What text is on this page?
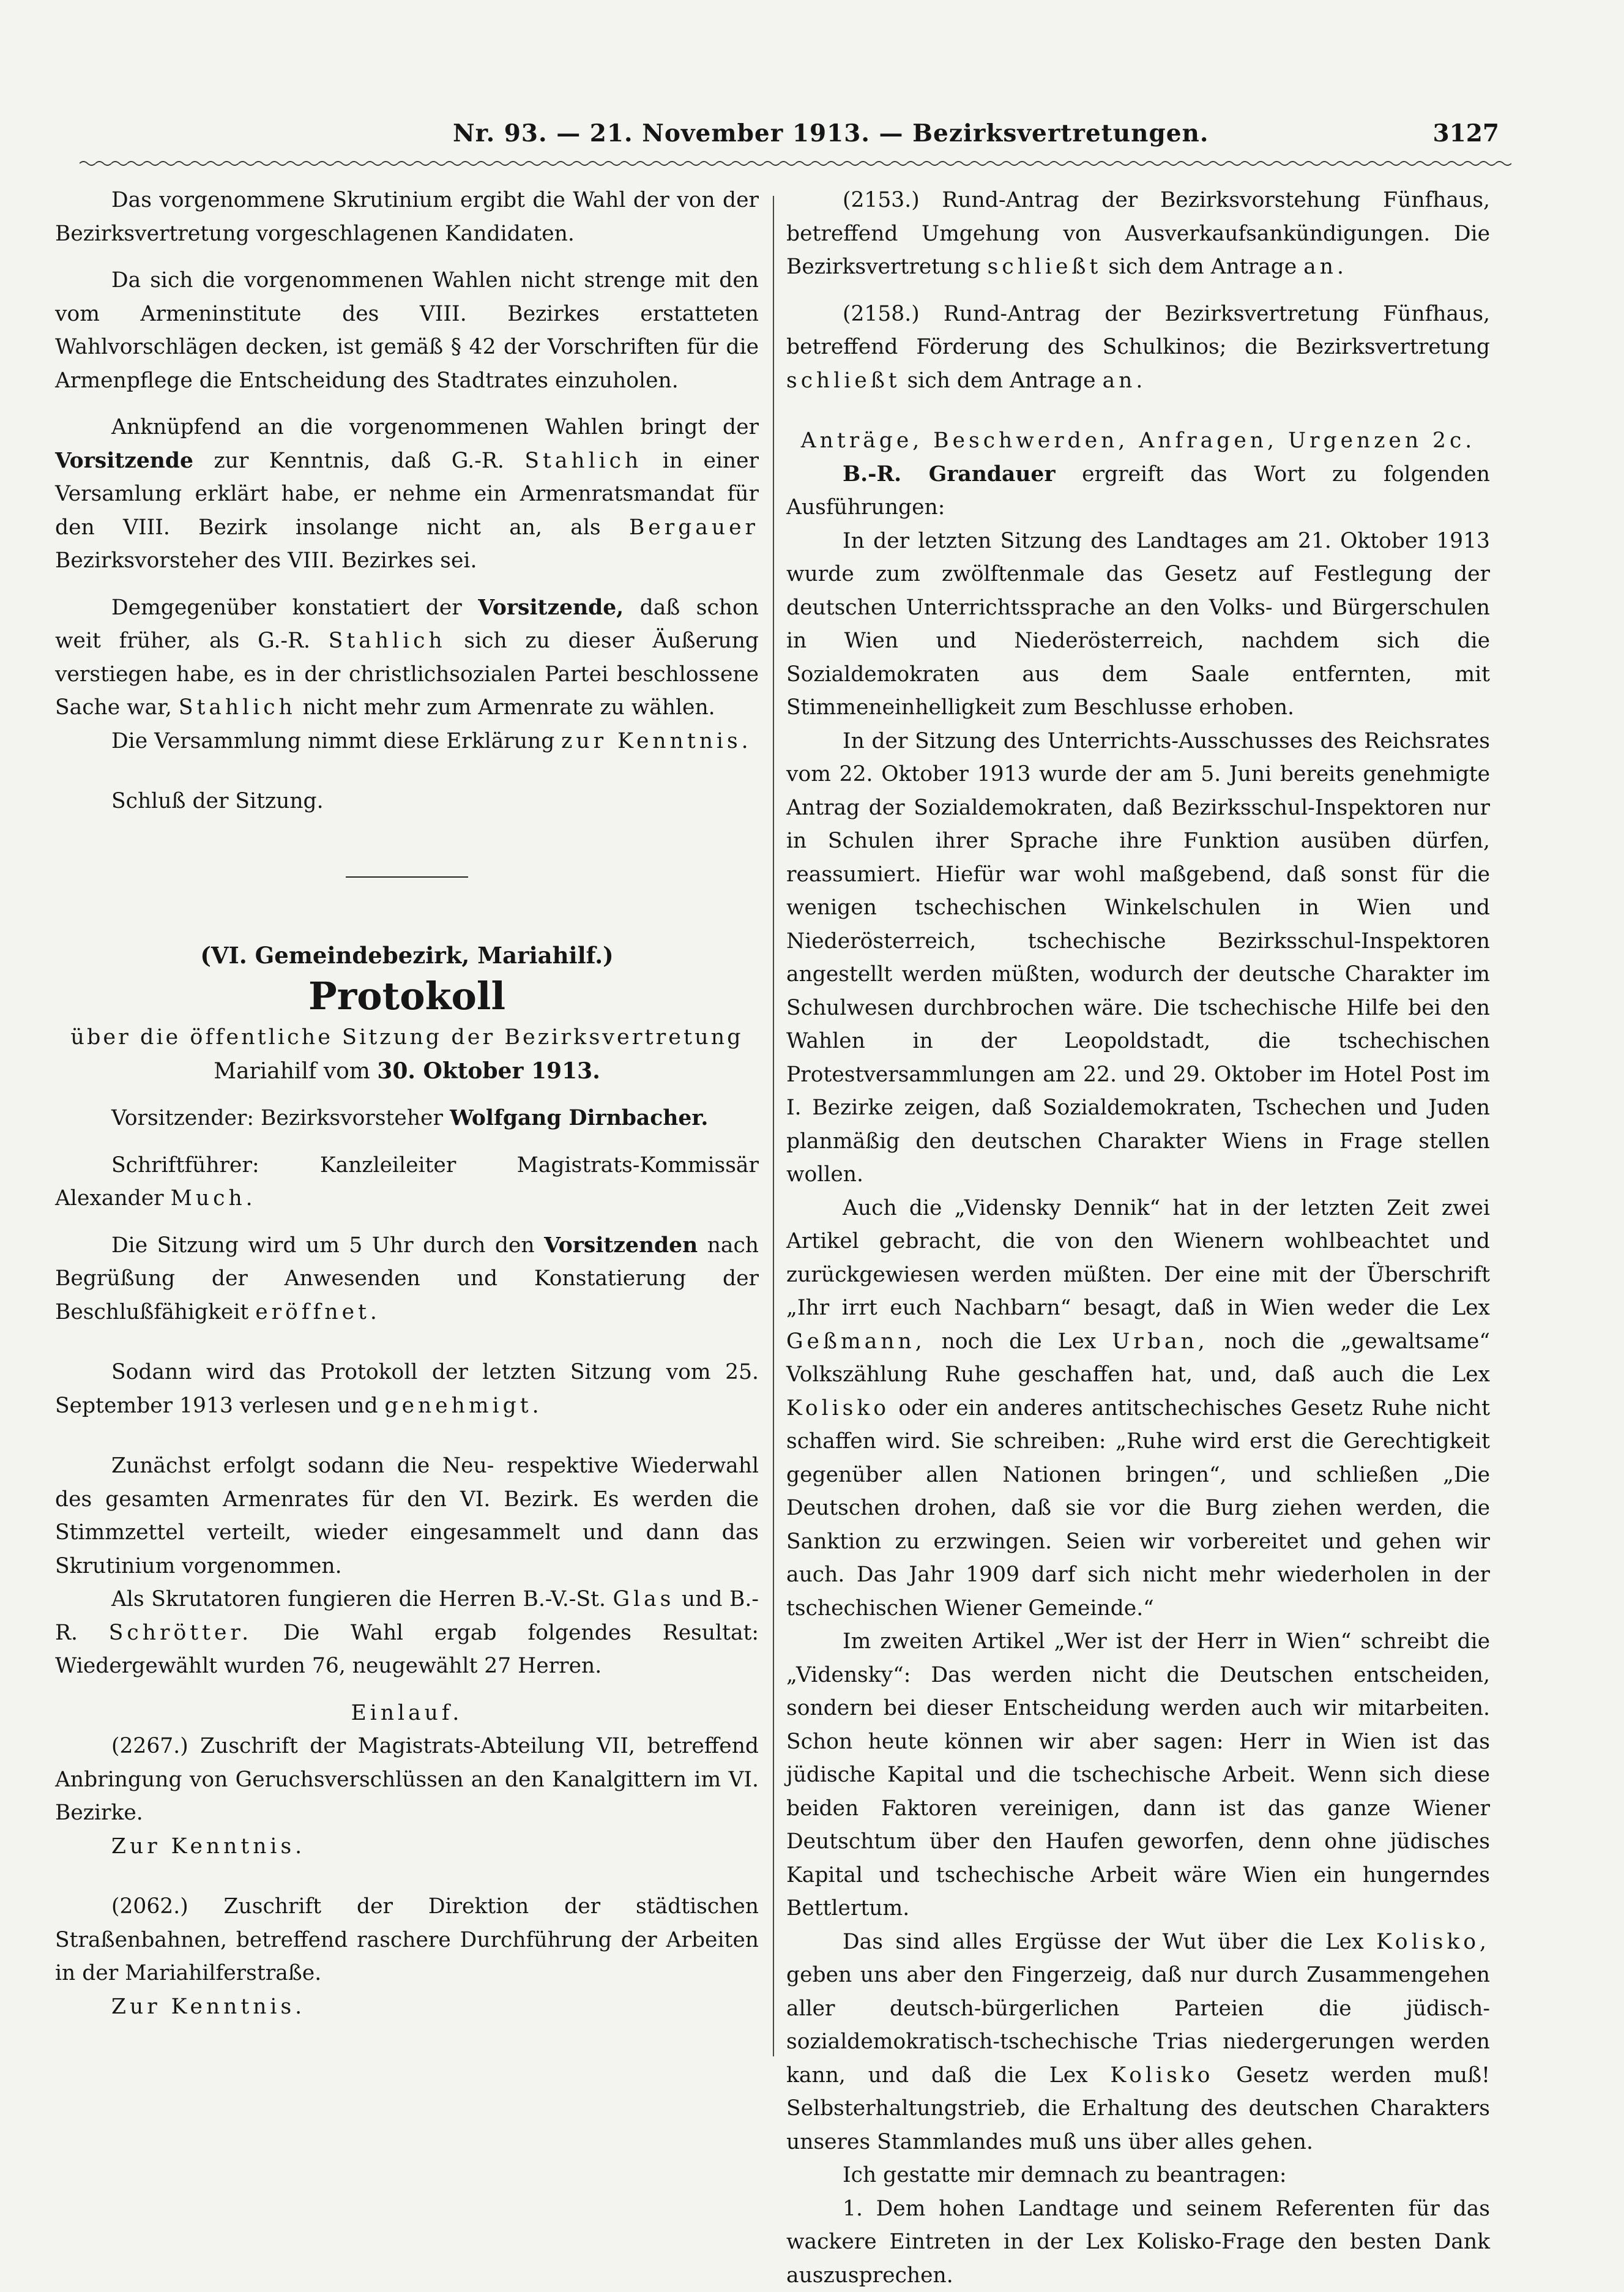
Nr. 93. — 21. November 1913. — Bezirksvertretungen.	3127

Das vorgenommene Skrutinium ergibt die Wahl der von der Bezirksvertretung vorgeschlagenen Kandidaten.

Da sich die vorgenommenen Wahlen nicht strenge mit den vom Armeninstitute des VIII. Bezirkes erstatteten Wahlvorschlägen decken, ist gemäß § 42 der Vorschriften für die Armenpflege die Entscheidung des Stadtrates einzuholen.

Anknüpfend an die vorgenommenen Wahlen bringt der Vorsitzende zur Kenntnis, daß G.-R. Stahlich in einer Versamlung erklärt habe, er nehme ein Armenratsmandat für den VIII. Bezirk insolange nicht an, als Bergauer Bezirksvorsteher des VIII. Bezirkes sei.

Demgegenüber konstatiert der Vorsitzende, daß schon weit früher, als G.-R. Stahlich sich zu dieser Äußerung verstiegen habe, es in der christlichsozialen Partei beschlossene Sache war, Stahlich nicht mehr zum Armenrate zu wählen.

Die Versammlung nimmt diese Erklärung zur Kenntnis.

Schluß der Sitzung.

(VI. Gemeindebezirk, Mariahilf.)

Protokoll

über die öffentliche Sitzung der Bezirksvertretung

Mariahilf vom 30. Oktober 1913.

Vorsitzender: Bezirksvorsteher Wolfgang Dirnbacher.

Schriftführer: Kanzleileiter Magistrats-Kommissär Alexander Much.

Die Sitzung wird um 5 Uhr durch den Vorsitzenden nach Begrüßung der Anwesenden und Konstatierung der Beschlußfähigkeit eröffnet.

Sodann wird das Protokoll der letzten Sitzung vom 25. September 1913 verlesen und genehmigt.

Zunächst erfolgt sodann die Neu- respektive Wiederwahl des gesamten Armenrates für den VI. Bezirk. Es werden die Stimmzettel verteilt, wieder eingesammelt und dann das Skrutinium vorgenommen.

Als Skrutatoren fungieren die Herren B.-V.-St. Glas und B.-R. Schrötter. Die Wahl ergab folgendes Resultat: Wiedergewählt wurden 76, neugewählt 27 Herren.

Einlauf.

(2267.) Zuschrift der Magistrats-Abteilung VII, betreffend Anbringung von Geruchsverschlüssen an den Kanalgittern im VI. Bezirke.

Zur Kenntnis.

(2062.) Zuschrift der Direktion der städtischen Straßenbahnen, betreffend raschere Durchführung der Arbeiten in der Mariahilferstraße.

Zur Kenntnis.

(2153.) Rund-Antrag der Bezirksvorstehung Fünfhaus, betreffend Umgehung von Ausverkaufsankündigungen. Die Bezirksvertretung schließt sich dem Antrage an.

(2158.) Rund-Antrag der Bezirksvertretung Fünfhaus, betreffend Förderung des Schulkinos; die Bezirksvertretung schließt sich dem Antrage an.

Anträge, Beschwerden, Anfragen, Urgenzen 2c.

B.-R. Grandauer ergreift das Wort zu folgenden Ausführungen:

In der letzten Sitzung des Landtages am 21. Oktober 1913 wurde zum zwölftenmale das Gesetz auf Festlegung der deutschen Unterrichtssprache an den Volks- und Bürgerschulen in Wien und Niederösterreich, nachdem sich die Sozialdemokraten aus dem Saale entfernten, mit Stimmeneinhelligkeit zum Beschlusse erhoben.

In der Sitzung des Unterrichts-Ausschusses des Reichsrates vom 22. Oktober 1913 wurde der am 5. Juni bereits genehmigte Antrag der Sozialdemokraten, daß Bezirksschul-Inspektoren nur in Schulen ihrer Sprache ihre Funktion ausüben dürfen, reassumiert. Hiefür war wohl maßgebend, daß sonst für die wenigen tschechischen Winkelschulen in Wien und Niederösterreich, tschechische Bezirksschul-Inspektoren angestellt werden müßten, wodurch der deutsche Charakter im Schulwesen durchbrochen wäre. Die tschechische Hilfe bei den Wahlen in der Leopoldstadt, die tschechischen Protestversammlungen am 22. und 29. Oktober im Hotel Post im I. Bezirke zeigen, daß Sozialdemokraten, Tschechen und Juden planmäßig den deutschen Charakter Wiens in Frage stellen wollen.

Auch die „Vidensky Dennik“ hat in der letzten Zeit zwei Artikel gebracht, die von den Wienern wohlbeachtet und zurückgewiesen werden müßten. Der eine mit der Überschrift „Ihr irrt euch Nachbarn“ besagt, daß in Wien weder die Lex Geßmann, noch die Lex Urban, noch die „gewaltsame“ Volkszählung Ruhe geschaffen hat, und, daß auch die Lex Kolisko oder ein anderes antitschechisches Gesetz Ruhe nicht schaffen wird. Sie schreiben: „Ruhe wird erst die Gerechtigkeit gegenüber allen Nationen bringen“, und schließen „Die Deutschen drohen, daß sie vor die Burg ziehen werden, die Sanktion zu erzwingen. Seien wir vorbereitet und gehen wir auch. Das Jahr 1909 darf sich nicht mehr wiederholen in der tschechischen Wiener Gemeinde.“

Im zweiten Artikel „Wer ist der Herr in Wien“ schreibt die „Vidensky“: Das werden nicht die Deutschen entscheiden, sondern bei dieser Entscheidung werden auch wir mitarbeiten. Schon heute können wir aber sagen: Herr in Wien ist das jüdische Kapital und die tschechische Arbeit. Wenn sich diese beiden Faktoren vereinigen, dann ist das ganze Wiener Deutschtum über den Haufen geworfen, denn ohne jüdisches Kapital und tschechische Arbeit wäre Wien ein hungerndes Bettlertum.

Das sind alles Ergüsse der Wut über die Lex Kolisko, geben uns aber den Fingerzeig, daß nur durch Zusammengehen aller deutsch-bürgerlichen Parteien die jüdisch-sozialdemokratisch-tschechische Trias niedergerungen werden kann, und daß die Lex Kolisko Gesetz werden muß! Selbsterhaltungstrieb, die Erhaltung des deutschen Charakters unseres Stammlandes muß uns über alles gehen.

Ich gestatte mir demnach zu beantragen:

1. Dem hohen Landtage und seinem Referenten für das wackere Eintreten in der Lex Kolisko-Frage den besten Dank auszusprechen.
